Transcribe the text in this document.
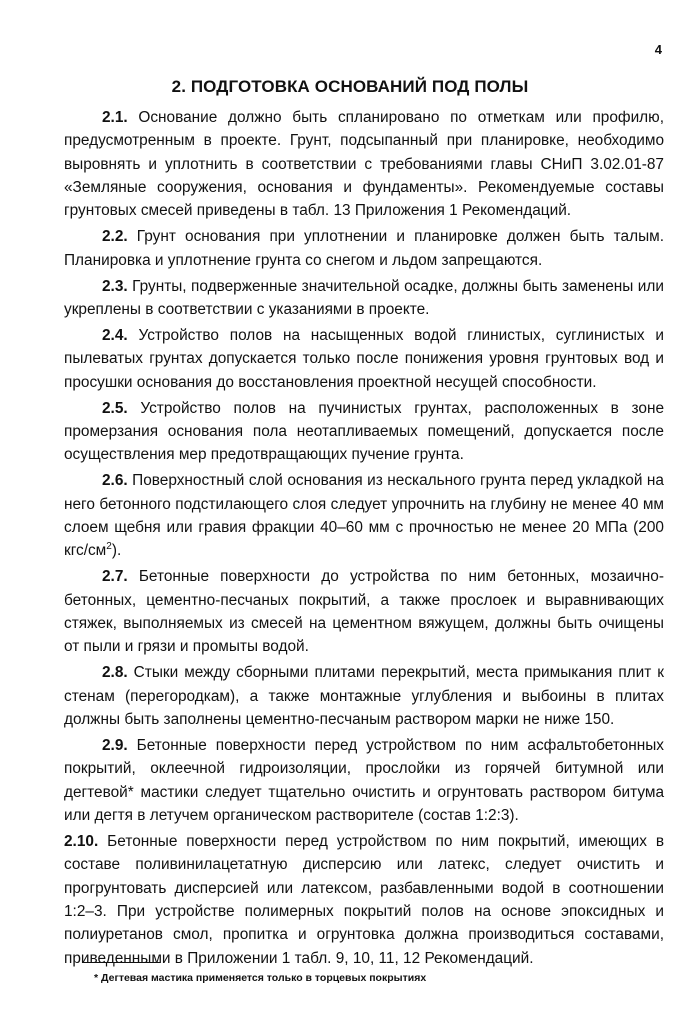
4
2. ПОДГОТОВКА ОСНОВАНИЙ ПОД ПОЛЫ

2.1. Основание должно быть спланировано по отметкам или профилю, предусмотренным в проекте. Грунт, подсыпанный при планировке, необходимо выровнять и уплотнить в соответствии с требованиями главы СНиП 3.02.01-87 «Земляные сооружения, основания и фундаменты». Рекомендуемые составы грунтовых смесей приведены в табл. 13 Приложения 1 Рекомендаций.

2.2. Грунт основания при уплотнении и планировке должен быть талым. Планировка и уплотнение грунта со снегом и льдом запрещаются.

2.3. Грунты, подверженные значительной осадке, должны быть заменены или укреплены в соответствии с указаниями в проекте.

2.4. Устройство полов на насыщенных водой глинистых, суглинистых и пылеватых грунтах допускается только после понижения уровня грунтовых вод и просушки основания до восстановления проектной несущей способности.

2.5. Устройство полов на пучинистых грунтах, расположенных в зоне промерзания основания пола неотапливаемых помещений, допускается после осуществления мер предотвращающих пучение грунта.

2.6. Поверхностный слой основания из нескального грунта перед укладкой на него бетонного подстилающего слоя следует упрочнить на глубину не менее 40 мм слоем щебня или гравия фракции 40–60 мм с прочностью не менее 20 МПа (200 кгс/$см^2$).

2.7. Бетонные поверхности до устройства по ним бетонных, мозаично-бетонных, цементно-песчаных покрытий, а также прослоек и выравнивающих стяжек, выполняемых из смесей на цементном вяжущем, должны быть очищены от пыли и грязи и промыты водой.

2.8. Стыки между сборными плитами перекрытий, места примыкания плит к стенам (перегородкам), а также монтажные углубления и выбоины в плитах должны быть заполнены цементно-песчаным раствором марки не ниже 150.

2.9. Бетонные поверхности перед устройством по ним асфальтобетонных покрытий, оклеечной гидроизоляции, прослойки из горячей битумной или дегтевой* мастики следует тщательно очистить и огрунтовать раствором битума или дегтя в летучем органическом растворителе (состав 1:2:3).

2.10. Бетонные поверхности перед устройством по ним покрытий, имеющих в составе поливинилацетатную дисперсию или латекс, следует очистить и прогрунтовать дисперсией или латексом, разбавленными водой в соотношении 1:2–3. При устройстве полимерных покрытий полов на основе эпоксидных и полиуретанов смол, пропитка и огрунтовка должна производиться составами, приведенными в Приложении 1 табл. 9, 10, 11, 12 Рекомендаций.

* Дегтевая мастика применяется только в торцевых покрытиях
